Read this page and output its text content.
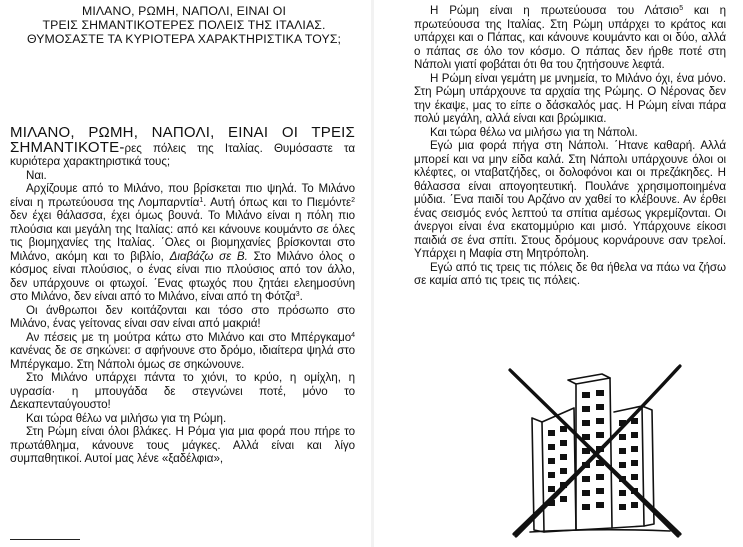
ΜΙΛΑΝΟ, ΡΩΜΗ, ΝΑΠΟΛΙ, ΕΙΝΑΙ ΟΙ
ΤΡΕΙΣ ΣΗΜΑΝΤΙΚΟΤΕΡΕΣ ΠΟΛΕΙΣ ΤΗΣ ΙΤΑΛΙΑΣ.
ΘΥΜΟΣΑΣΤΕ ΤΑ ΚΥΡΙΟΤΕΡΑ ΧΑΡΑΚΤΗΡΙΣΤΙΚΑ ΤΟΥΣ;

ΜΙΛΑΝΟ, ΡΩΜΗ, ΝΑΠΟΛΙ, ΕΙΝΑΙ ΟΙ ΤΡΕΙΣ ΣΗΜΑΝΤΙΚΟΤΕ-ρες πόλεις της Ιταλίας. Θυμόσαστε τα κυριότερα χαρακτηριστικά τους;

Ναι.

Αρχίζουμε από το Μιλάνο, που βρίσκεται πιο ψηλά. Το Μιλάνο είναι η πρωτεύουσα της Λομπαρντία$^1$. Αυτή όπως και το Πιεμόντε$^2$ δεν έχει θάλασσα, έχει όμως βουνά. Το Μιλάνο είναι η πόλη πιο πλούσια και μεγάλη της Ιταλίας: από κει κάνουνε κουμάντο σε όλες τις βιομηχανίες της Ιταλίας. ΄Ολες οι βιομηχανίες βρίσκονται στο Μιλάνο, ακόμη και το βιβλίο, Διαβάζω σε Β. Στο Μιλάνο όλος ο κόσμος είναι πλούσιος, ο ένας είναι πιο πλούσιος από τον άλλο, δεν υπάρχουνε οι φτωχοί. ΄Ενας φτωχός που ζητάει ελεημοσύνη στο Μιλάνο, δεν είναι από το Μιλάνο, είναι από τη Φότζα$^3$.

Οι άνθρωποι δεν κοιτάζονται και τόσο στο πρόσωπο στο Μιλάνο, ένας γείτονας είναι σαν είναι από μακριά!

Αν πέσεις με τη μούτρα κάτω στο Μιλάνο και στο Μπέργκαμο$^4$ κανένας δε σε σηκώνει: σ αφήνουνε στο δρόμο, ιδιαίτερα ψηλά στο Μπέργκαμο. Στη Νάπολι όμως σε σηκώνουνε.

Στο Μιλάνο υπάρχει πάντα το χιόνι, το κρύο, η ομίχλη, η υγρασία· η μπουγάδα δε στεγνώνει ποτέ, μόνο το Δεκαπενταύγουστο!

Και τώρα θέλω να μιλήσω για τη Ρώμη.

Στη Ρώμη είναι όλοι βλάκες. Η Ρόμα για μια φορά που πήρε το πρωτάθλημα, κάνουνε τους μάγκες. Αλλά είναι και λίγο συμπαθητικοί. Αυτοί μας λένε «ξαδέλφια»,

Η Ρώμη είναι η πρωτεύουσα του Λάτσιο$^5$ και η πρωτεύουσα της Ιταλίας. Στη Ρώμη υπάρχει το κράτος και υπάρχει και ο Πάπας, και κάνουνε κουμάντο και οι δύο, αλλά ο πάπας σε όλο τον κόσμο. Ο πάπας δεν ήρθε ποτέ στη Νάπολι γιατί φοβάται ότι θα του ζητήσουνε λεφτά.

Η Ρώμη είναι γεμάτη με μνημεία, το Μιλάνο όχι, ένα μόνο. Στη Ρώμη υπάρχουνε τα αρχαία της Ρώμης. Ο Νέρονας δεν την έκαψε, μας το είπε ο δάσκαλός μας. Η Ρώμη είναι πάρα πολύ μεγάλη, αλλά είναι και βρώμικια.

Και τώρα θέλω να μιλήσω για τη Νάπολι.

Εγώ μια φορά πήγα στη Νάπολι. ΄Ητανε καθαρή. Αλλά μπορεί και να μην είδα καλά. Στη Νάπολι υπάρχουνε όλοι οι κλέφτες, οι νταβατζήδες, οι δολοφόνοι και οι πρεζάκηδες. Η θάλασσα είναι απογοητευτική. Πουλάνε χρησιμοποιημένα μύδια. ΄Ενα παιδί του Αρζάνο αν χαθεί το κλέβουνε. Αν έρθει ένας σεισμός ενός λεπτού τα σπίτια αμέσως γκρεμίζονται. Οι άνεργοι είναι ένα εκατομμύριο και μισό. Υπάρχουνε είκοσι παιδιά σε ένα σπίτι. Στους δρόμους κορνάρουνε σαν τρελοί. Υπάρχει η Μαφία στη Μητρόπολη.

Εγώ από τις τρεις τις πόλεις δε θα ήθελα να πάω να ζήσω σε καμία από τις τρεις τις πόλεις.
